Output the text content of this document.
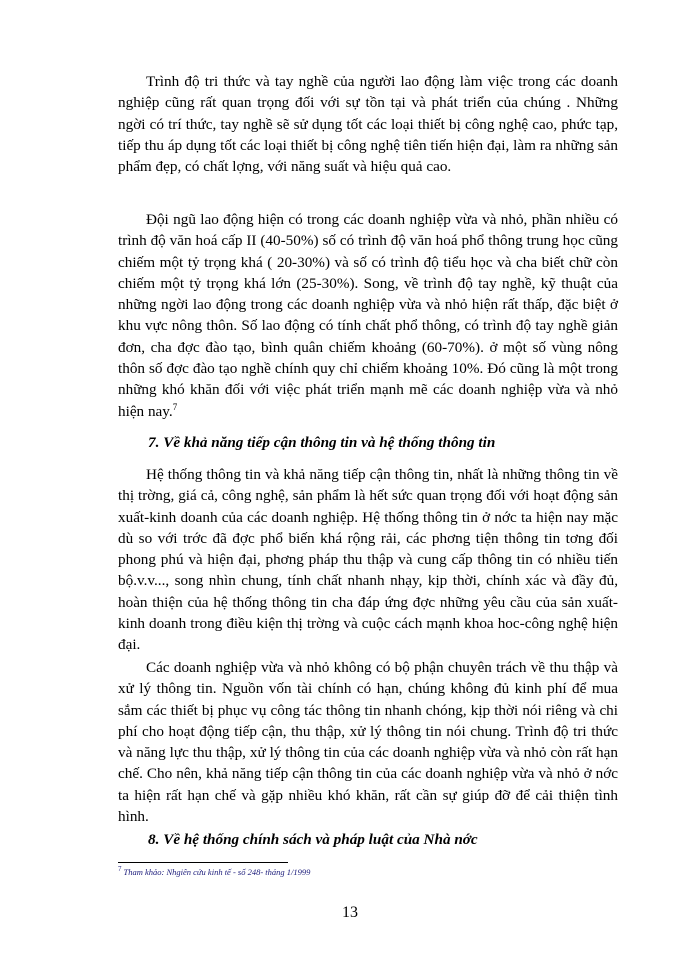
Trình độ tri thức và tay nghề của người lao động làm việc trong các doanh nghiệp cũng rất quan trọng đối với sự tồn tại và phát triển của chúng . Những ngời có trí thức, tay nghề sẽ sử dụng tốt các loại thiết bị công nghệ cao, phức tạp, tiếp thu áp dụng tốt các loại thiết bị công nghệ tiên tiến hiện đại, làm ra những sản phẩm đẹp, có chất lợng, với năng suất và hiệu quả cao.

Đội ngũ lao động hiện có trong các doanh nghiệp vừa và nhỏ, phần nhiều có trình độ văn hoá cấp II (40-50%) số có trình độ văn hoá phổ thông trung học cũng chiếm một tỷ trọng khá ( 20-30%) và số có trình độ tiểu học và cha biết chữ còn chiếm một tỷ trọng khá lớn (25-30%). Song, về trình độ tay nghề, kỹ thuật của những ngời lao động trong các doanh nghiệp vừa và nhỏ hiện rất thấp, đặc biệt ở khu vực nông thôn. Số lao động có tính chất phổ thông, có trình độ tay nghề giản đơn, cha đợc đào tạo, bình quân chiếm khoảng (60-70%). ở một số vùng nông thôn số đợc đào tạo nghề chính quy chỉ chiếm khoảng 10%. Đó cũng là một trong những khó khăn đối với việc phát triển mạnh mẽ các doanh nghiệp vừa và nhỏ hiện nay.$^7$

7. Về khả năng tiếp cận thông tin và hệ thống thông tin

Hệ thống thông tin và khả năng tiếp cận thông tin, nhất là những thông tin về thị trờng, giá cả, công nghệ, sản phẩm là hết sức quan trọng đối với hoạt động sản xuất-kinh doanh của các doanh nghiệp. Hệ thống thông tin ở nớc ta hiện nay mặc dù so với trớc đã đợc phổ biến khá rộng rải, các phơng tiện thông tin tơng đối phong phú và hiện đại, phơng pháp thu thập và cung cấp thông tin có nhiều tiến bộ.v.v..., song nhìn chung, tính chất nhanh nhạy, kịp thời, chính xác và đầy đủ, hoàn thiện của hệ thống thông tin cha đáp ứng đợc những yêu cầu của sản xuất-kinh doanh trong điều kiện thị trờng và cuộc cách mạnh khoa hoc-công nghệ hiện đại.

Các doanh nghiệp vừa và nhỏ không có bộ phận chuyên trách về thu thập và xử lý thông tin. Nguồn vốn tài chính có hạn, chúng không đủ kinh phí để mua sắm các thiết bị phục vụ công tác thông tin nhanh chóng, kịp thời nói riêng và chi phí cho hoạt động tiếp cận, thu thập, xử lý thông tin nói chung. Trình độ tri thức và năng lực thu thập, xử lý thông tin của các doanh nghiệp vừa và nhỏ còn rất hạn chế. Cho nên, khả năng tiếp cận thông tin của các doanh nghiệp vừa và nhỏ ở nớc ta hiện rất hạn chế và gặp nhiều khó khăn, rất cần sự giúp đỡ để cải thiện tình hình.

8. Về hệ thống chính sách và pháp luật của Nhà nớc

$^7$ Tham khảo: Nhgiên cứu kinh tế - số 248- tháng 1/1999

13
